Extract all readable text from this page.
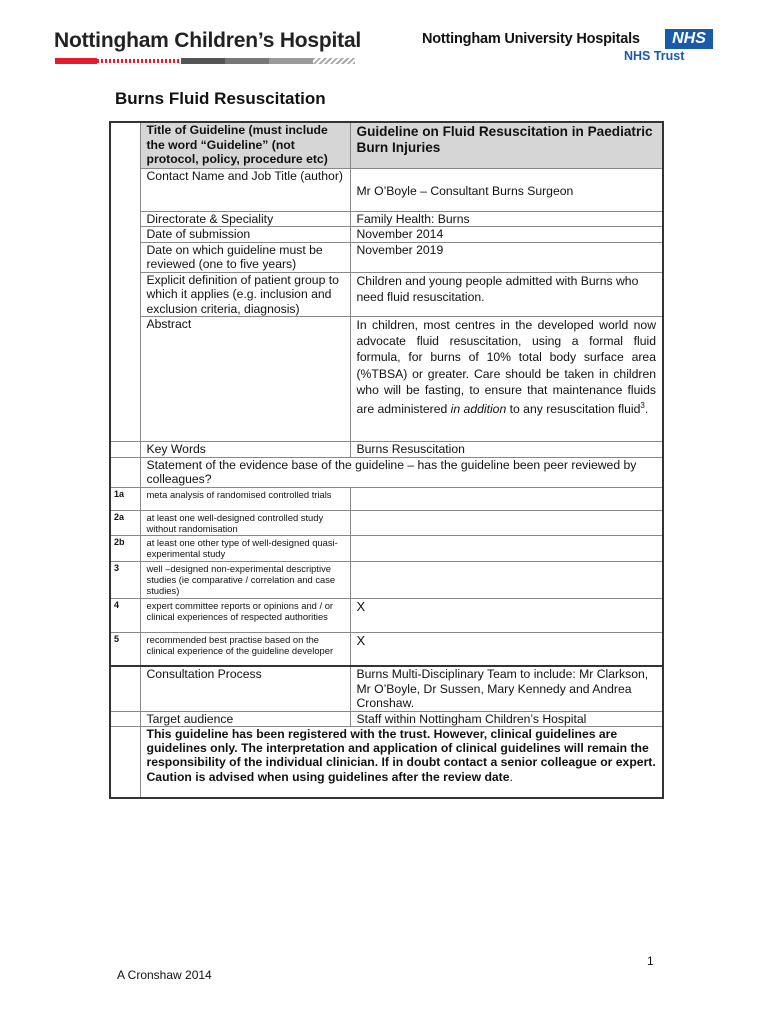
Nottingham Children’s Hospital	Nottingham University Hospitals	NHS
NHS Trust
Burns Fluid Resuscitation
	Title of Guideline (must include the word “Guideline” (not protocol, policy, procedure etc)	Guideline on Fluid Resuscitation in Paediatric Burn Injuries
	Contact Name and Job Title (author)	Mr O’Boyle – Consultant Burns Surgeon
	Directorate & Speciality	Family Health: Burns
	Date of submission	November 2014
	Date on which guideline must be reviewed (one to five years)	November 2019
	Explicit definition of patient group to which it applies (e.g. inclusion and exclusion criteria, diagnosis)	Children and young people admitted with Burns who need fluid resuscitation.
	Abstract	In children, most centres in the developed world now advocate fluid resuscitation, using a formal fluid formula, for burns of 10% total body surface area (%TBSA) or greater. Care should be taken in children who will be fasting, to ensure that maintenance fluids are administered in addition to any resuscitation fluid$^3$.
	Key Words	Burns Resuscitation
	Statement of the evidence base of the guideline – has the guideline been peer reviewed by colleagues?	
1a	meta analysis of randomised controlled trials	
2a	at least one well-designed controlled study without randomisation	
2b	at least one other type of well-designed quasi-experimental study	
3	well –designed non-experimental descriptive studies (ie comparative / correlation and case studies)	
4	expert committee reports or opinions and / or clinical experiences of respected authorities	X
5	recommended best practise based on the clinical experience of the guideline developer	X
	Consultation Process	Burns Multi-Disciplinary Team to include: Mr Clarkson, Mr O’Boyle, Dr Sussen, Mary Kennedy and Andrea Cronshaw.
	Target audience	Staff within Nottingham Children’s Hospital
	This guideline has been registered with the trust. However, clinical guidelines are guidelines only. The interpretation and application of clinical guidelines will remain the responsibility of the individual clinician. If in doubt contact a senior colleague or expert. Caution is advised when using guidelines after the review date.	
1
A Cronshaw 2014
